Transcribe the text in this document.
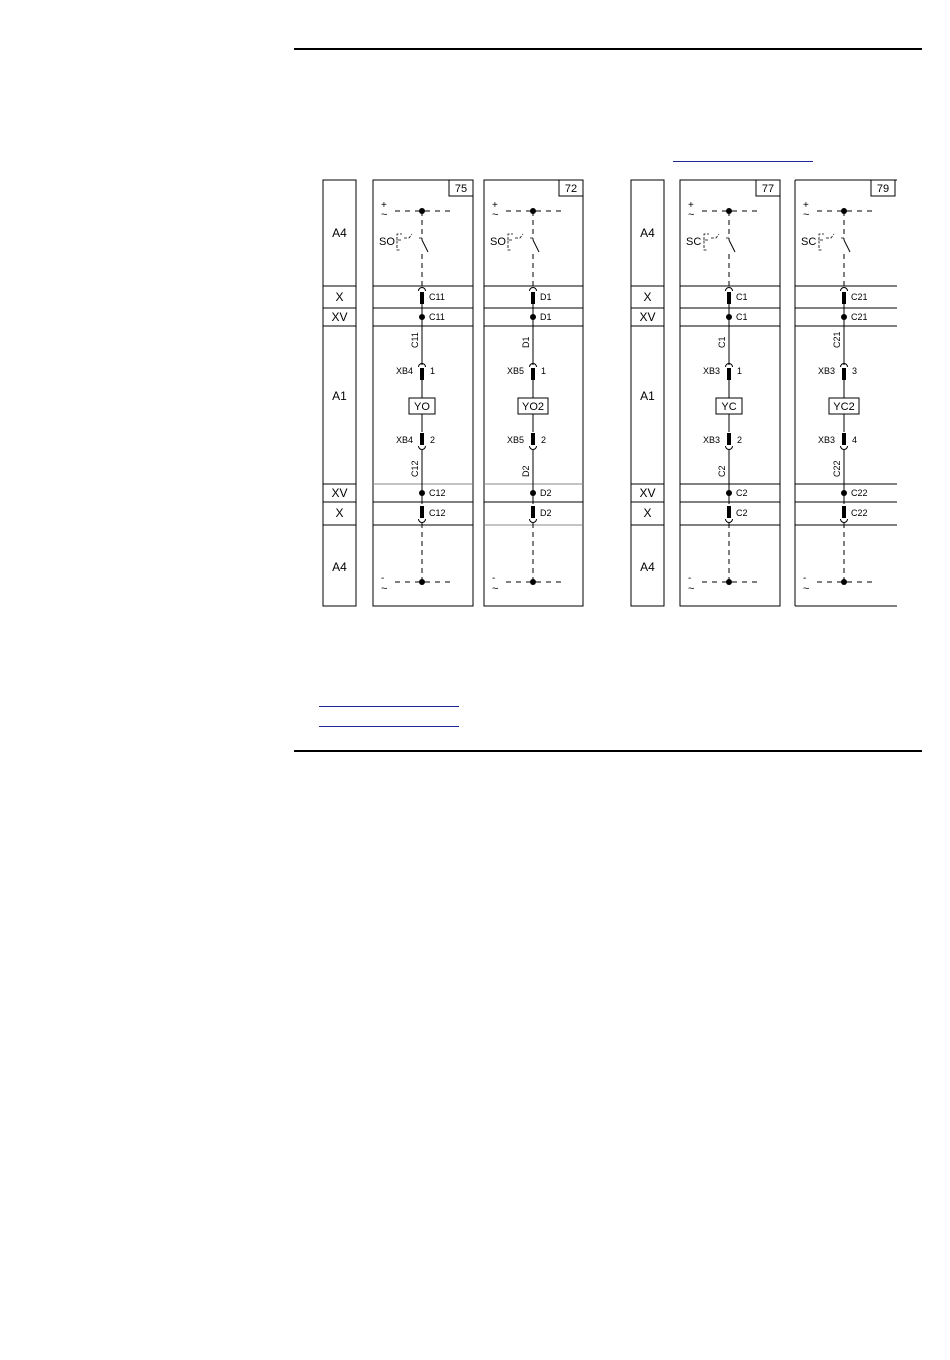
A4
X
XV
A1
XV
X
A4
A4
X
XV
A1
XV
X
A4
75
+
~
SO
C11
C11
C11
XB4 1
YO
XB4 2
C12
C12
C12
-
~
72
+
~
SO
D1
D1
D1
XB5 1
YO2
XB5 2
D2
D2
D2
-
~
77
+
~
SC
C1
C1
C1
XB3 1
YC
XB3 2
C2
C2
C2
-
~
79
+
~
SC
C21
C21
C21
XB3 3
YC2
XB3 4
C22
C22
C22
-
~
